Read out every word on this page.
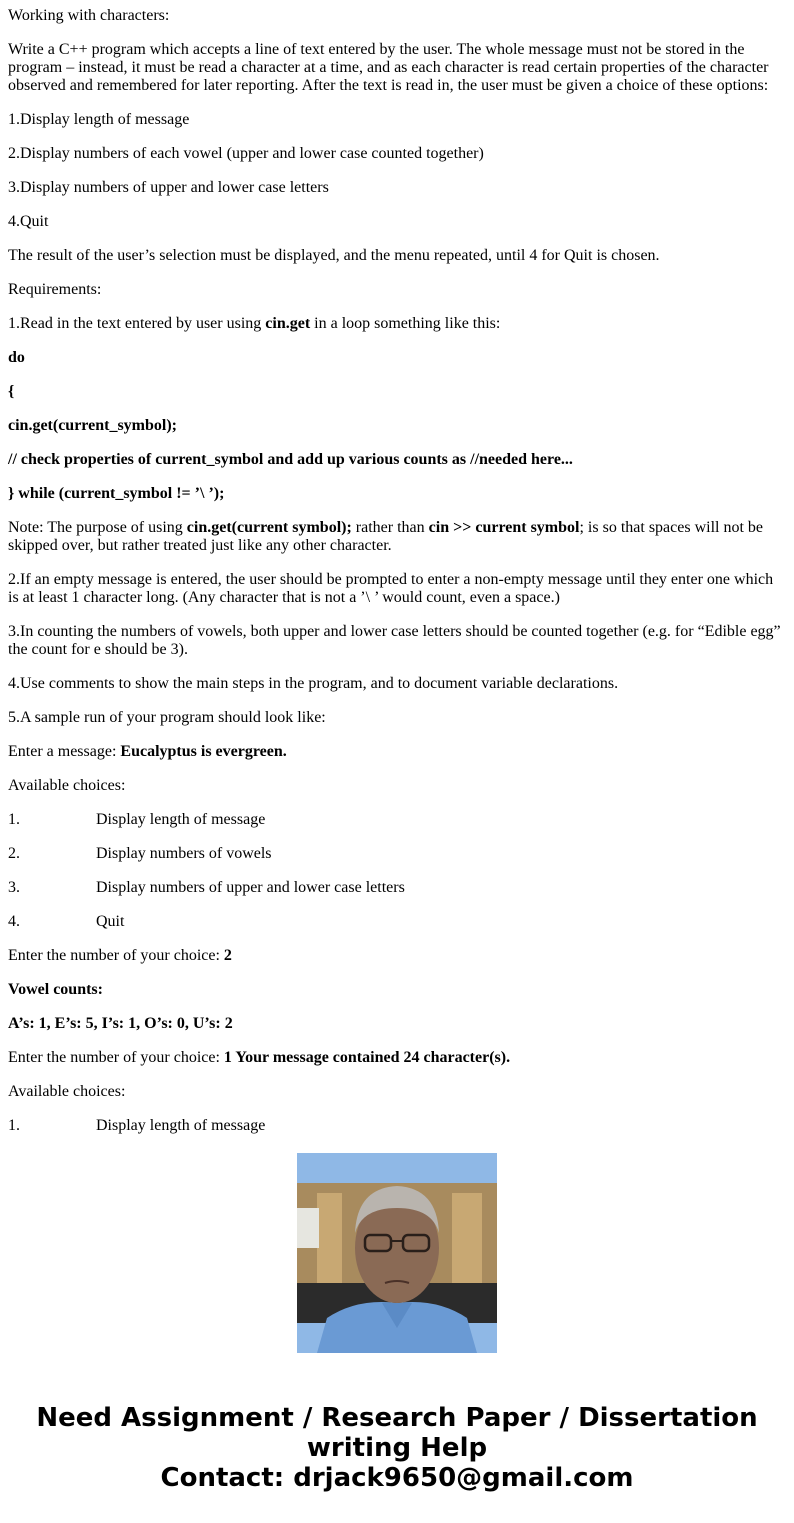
Working with characters:

Write a C++ program which accepts a line of text entered by the user. The whole message must not be stored in the program – instead, it must be read a character at a time, and as each character is read certain properties of the character observed and remembered for later reporting. After the text is read in, the user must be given a choice of these options:

1.Display length of message

2.Display numbers of each vowel (upper and lower case counted together)

3.Display numbers of upper and lower case letters

4.Quit

The result of the user’s selection must be displayed, and the menu repeated, until 4 for Quit is chosen.

Requirements:

1.Read in the text entered by user using cin.get in a loop something like this:

do

{

cin.get(current_symbol);

// check properties of current_symbol and add up various counts as //needed here...

} while (current_symbol != ’\ ’);

Note: The purpose of using cin.get(current symbol); rather than cin >> current symbol; is so that spaces will not be skipped over, but rather treated just like any other character.

2.If an empty message is entered, the user should be prompted to enter a non-empty message until they enter one which is at least 1 character long. (Any character that is not a ’\ ’ would count, even a space.)

3.In counting the numbers of vowels, both upper and lower case letters should be counted together (e.g. for “Edible egg” the count for e should be 3).

4.Use comments to show the main steps in the program, and to document variable declarations.

5.A sample run of your program should look like:

Enter a message: Eucalyptus is evergreen.

Available choices:

1.	Display length of message

2.	Display numbers of vowels

3.	Display numbers of upper and lower case letters

4.	Quit

Enter the number of your choice: 2

Vowel counts:

A’s: 1, E’s: 5, I’s: 1, O’s: 0, U’s: 2

Enter the number of your choice: 1 Your message contained 24 character(s).

Available choices:

1.	Display length of message

Need Assignment / Research Paper / Dissertation
writing Help
Contact: drjack9650@gmail.com
